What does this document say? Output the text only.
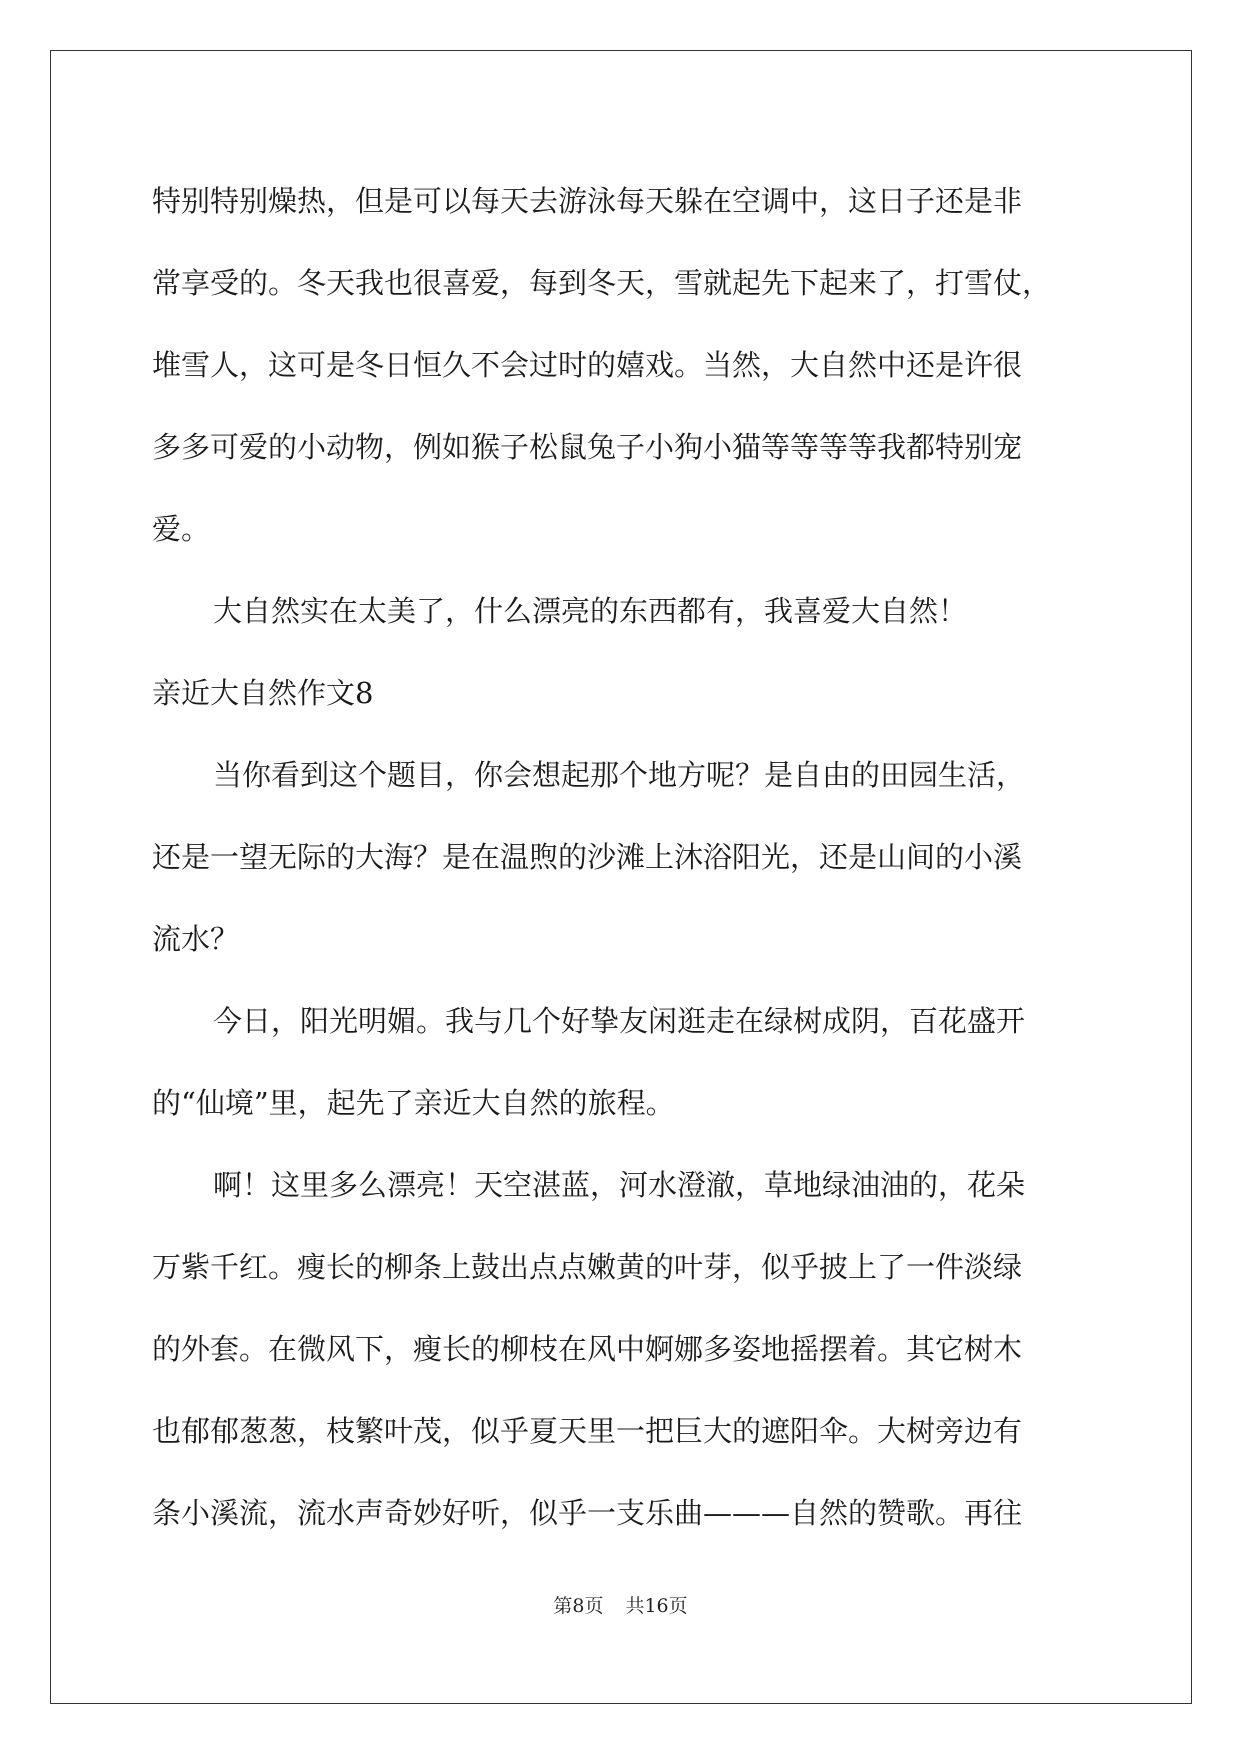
特别特别燥热，但是可以每天去游泳每天躲在空调中，这日子还是非
常享受的。冬天我也很喜爱，每到冬天，雪就起先下起来了，打雪仗，
堆雪人，这可是冬日恒久不会过时的嬉戏。当然，大自然中还是许很
多多可爱的小动物，例如猴子松鼠兔子小狗小猫等等等等我都特别宠
爱。
大自然实在太美了，什么漂亮的东西都有，我喜爱大自然！
亲近大自然作文8
当你看到这个题目，你会想起那个地方呢？是自由的田园生活，
还是一望无际的大海？是在温煦的沙滩上沐浴阳光，还是山间的小溪
流水？
今日，阳光明媚。我与几个好挚友闲逛走在绿树成阴，百花盛开
的“仙境”里，起先了亲近大自然的旅程。
啊！这里多么漂亮！天空湛蓝，河水澄澈，草地绿油油的，花朵
万紫千红。瘦长的柳条上鼓出点点嫩黄的叶芽，似乎披上了一件淡绿
的外套。在微风下，瘦长的柳枝在风中婀娜多姿地摇摆着。其它树木
也郁郁葱葱，枝繁叶茂，似乎夏天里一把巨大的遮阳伞。大树旁边有
条小溪流，流水声奇妙好听，似乎一支乐曲———自然的赞歌。再往
第8页 共16页
